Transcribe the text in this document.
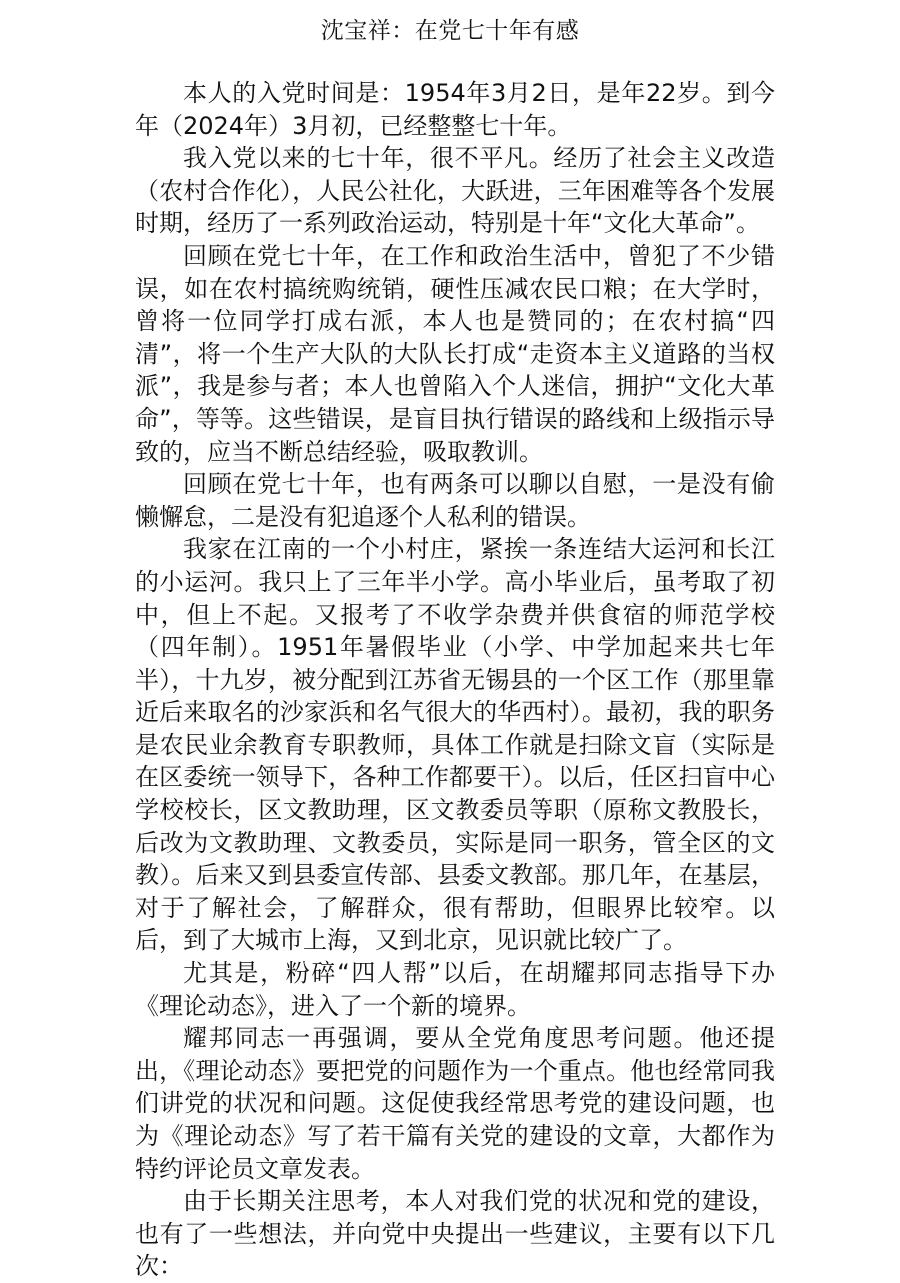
沈宝祥：在党七十年有感

本人的入党时间是：1954年3月2日，是年22岁。到今年（2024年）3月初，已经整整七十年。

我入党以来的七十年，很不平凡。经历了社会主义改造（农村合作化），人民公社化，大跃进，三年困难等各个发展时期，经历了一系列政治运动，特别是十年“文化大革命”。

回顾在党七十年，在工作和政治生活中，曾犯了不少错误，如在农村搞统购统销，硬性压减农民口粮；在大学时，曾将一位同学打成右派，本人也是赞同的；在农村搞“四清”，将一个生产大队的大队长打成“走资本主义道路的当权派”，我是参与者；本人也曾陷入个人迷信，拥护“文化大革命”，等等。这些错误，是盲目执行错误的路线和上级指示导致的，应当不断总结经验，吸取教训。

回顾在党七十年，也有两条可以聊以自慰，一是没有偷懒懈怠，二是没有犯追逐个人私利的错误。

我家在江南的一个小村庄，紧挨一条连结大运河和长江的小运河。我只上了三年半小学。高小毕业后，虽考取了初中，但上不起。又报考了不收学杂费并供食宿的师范学校（四年制）。1951年暑假毕业（小学、中学加起来共七年半），十九岁，被分配到江苏省无锡县的一个区工作（那里靠近后来取名的沙家浜和名气很大的华西村）。最初，我的职务是农民业余教育专职教师，具体工作就是扫除文盲（实际是在区委统一领导下，各种工作都要干）。以后，任区扫盲中心学校校长，区文教助理，区文教委员等职（原称文教股长，后改为文教助理、文教委员，实际是同一职务，管全区的文教）。后来又到县委宣传部、县委文教部。那几年，在基层，对于了解社会，了解群众，很有帮助，但眼界比较窄。以后，到了大城市上海，又到北京，见识就比较广了。

尤其是，粉碎“四人帮”以后，在胡耀邦同志指导下办《理论动态》，进入了一个新的境界。

耀邦同志一再强调，要从全党角度思考问题。他还提出，《理论动态》要把党的问题作为一个重点。他也经常同我们讲党的状况和问题。这促使我经常思考党的建设问题，也为《理论动态》写了若干篇有关党的建设的文章，大都作为特约评论员文章发表。

由于长期关注思考，本人对我们党的状况和党的建设，也有了一些想法，并向党中央提出一些建议，主要有以下几次：
